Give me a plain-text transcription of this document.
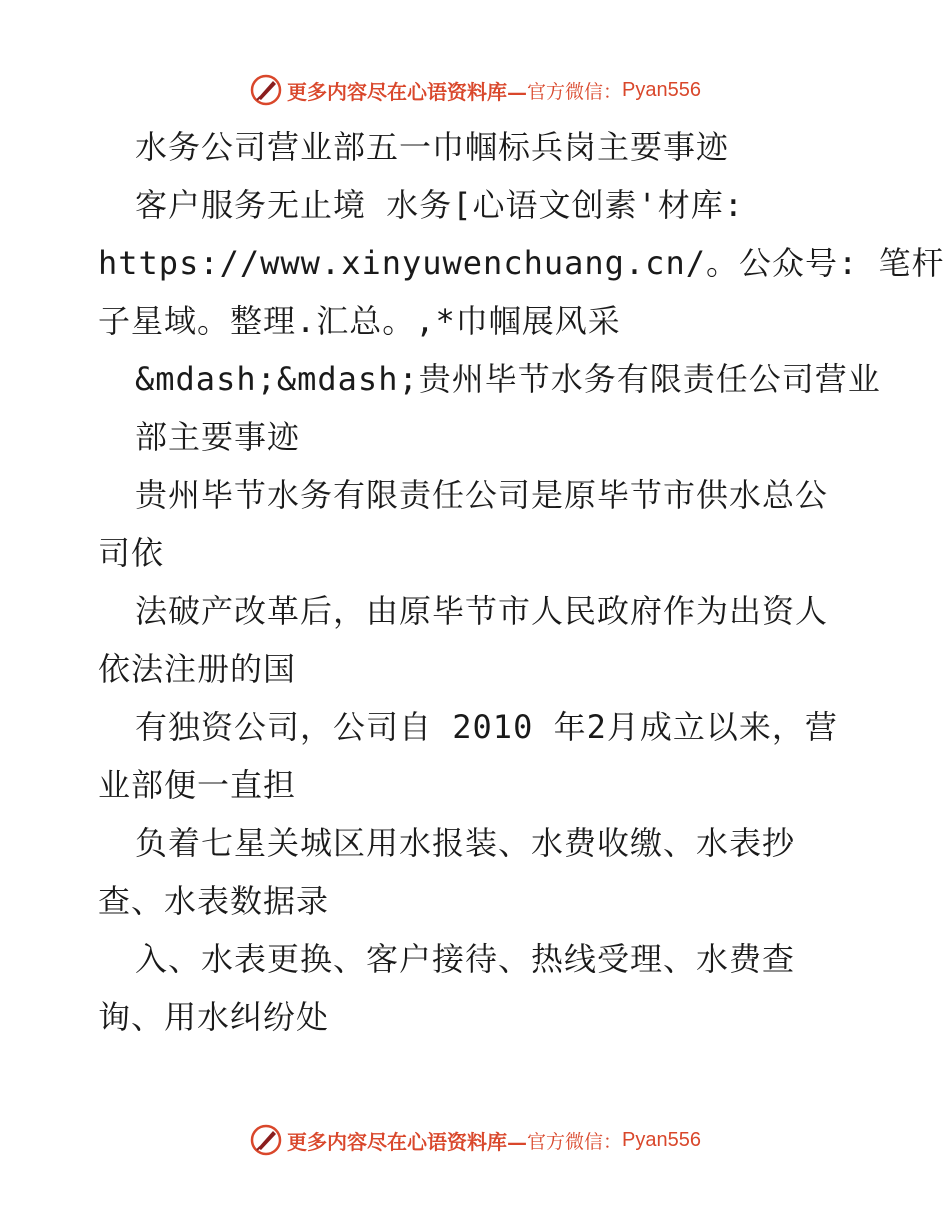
更多内容尽在心语资料库— 官方微信： Pyan556
水务公司营业部五一巾帼标兵岗主要事迹
客户服务无止境 水务[心语文创素'材库:
https://www.xinyuwenchuang.cn/。公众号: 笔杆
子星域。整理.汇总。,*巾帼展风采
&mdash;&mdash;贵州毕节水务有限责任公司营业
部主要事迹
贵州毕节水务有限责任公司是原毕节市供水总公
司依
法破产改革后，由原毕节市人民政府作为出资人
依法注册的国
有独资公司，公司自 2010 年2月成立以来，营
业部便一直担
负着七星关城区用水报装、水费收缴、水表抄
查、水表数据录
入、水表更换、客户接待、热线受理、水费查
询、用水纠纷处
更多内容尽在心语资料库— 官方微信： Pyan556
